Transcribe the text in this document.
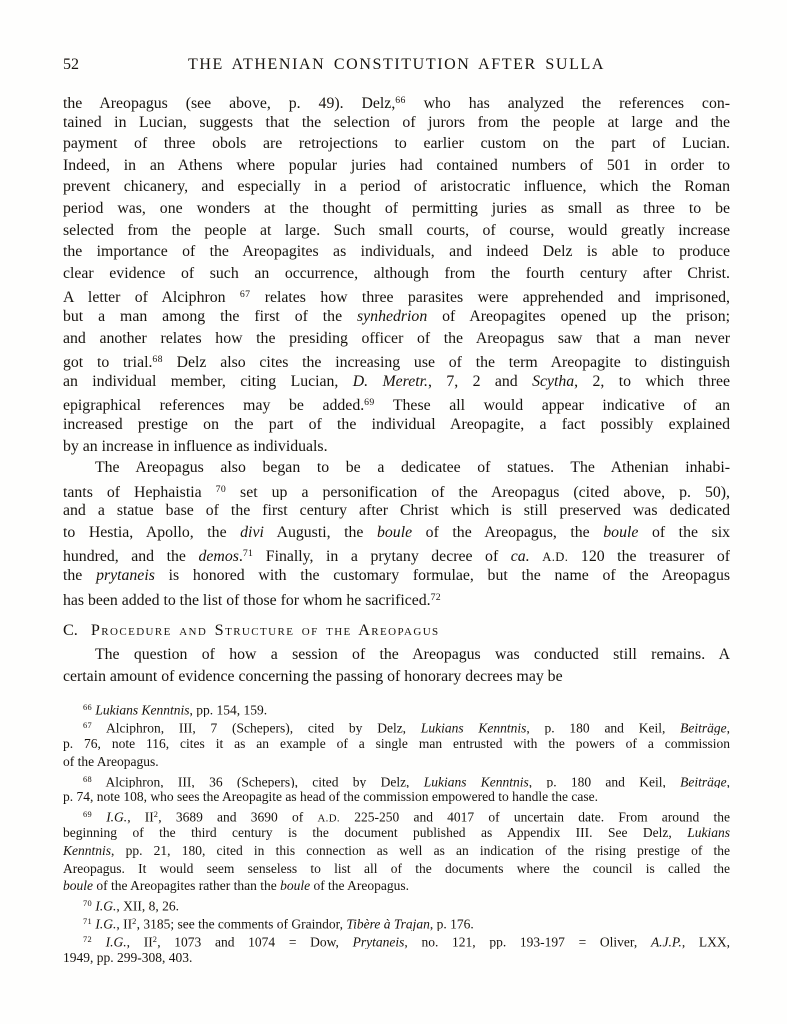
52	THE ATHENIAN CONSTITUTION AFTER SULLA
the Areopagus (see above, p. 49). Delz,$^{66}$ who has analyzed the references con-
tained in Lucian, suggests that the selection of jurors from the people at large and the
payment of three obols are retrojections to earlier custom on the part of Lucian.
Indeed, in an Athens where popular juries had contained numbers of 501 in order to
prevent chicanery, and especially in a period of aristocratic influence, which the Roman
period was, one wonders at the thought of permitting juries as small as three to be
selected from the people at large. Such small courts, of course, would greatly increase
the importance of the Areopagites as individuals, and indeed Delz is able to produce
clear evidence of such an occurrence, although from the fourth century after Christ.
A letter of Alciphron $^{67}$ relates how three parasites were apprehended and imprisoned,
but a man among the first of the synhedrion of Areopagites opened up the prison;
and another relates how the presiding officer of the Areopagus saw that a man never
got to trial.$^{68}$ Delz also cites the increasing use of the term Areopagite to distinguish
an individual member, citing Lucian, D. Meretr., 7, 2 and Scytha, 2, to which three
epigraphical references may be added.$^{69}$ These all would appear indicative of an
increased prestige on the part of the individual Areopagite, a fact possibly explained
by an increase in influence as individuals.
The Areopagus also began to be a dedicatee of statues. The Athenian inhabi-
tants of Hephaistia $^{70}$ set up a personification of the Areopagus (cited above, p. 50),
and a statue base of the first century after Christ which is still preserved was dedicated
to Hestia, Apollo, the divi Augusti, the boule of the Areopagus, the boule of the six
hundred, and the demos.$^{71}$ Finally, in a prytany decree of ca. A.D. 120 the treasurer of
the prytaneis is honored with the customary formulae, but the name of the Areopagus
has been added to the list of those for whom he sacrificed.$^{72}$
C. Procedure and Structure of the Areopagus
The question of how a session of the Areopagus was conducted still remains. A
certain amount of evidence concerning the passing of honorary decrees may be
$^{66}$ Lukians Kenntnis, pp. 154, 159.
$^{67}$ Alciphron, III, 7 (Schepers), cited by Delz, Lukians Kenntnis, p. 180 and Keil, Beiträge,
p. 76, note 116, cites it as an example of a single man entrusted with the powers of a commission
of the Areopagus.
$^{68}$ Alciphron, III, 36 (Schepers), cited by Delz, Lukians Kenntnis, p. 180 and Keil, Beiträge,
p. 74, note 108, who sees the Areopagite as head of the commission empowered to handle the case.
$^{69}$ I.G., $II^2$, 3689 and 3690 of A.D. 225-250 and 4017 of uncertain date. From around the
beginning of the third century is the document published as Appendix III. See Delz, Lukians
Kenntnis, pp. 21, 180, cited in this connection as well as an indication of the rising prestige of the
Areopagus. It would seem senseless to list all of the documents where the council is called the
boule of the Areopagites rather than the boule of the Areopagus.
$^{70}$ I.G., XII, 8, 26.
$^{71}$ I.G., $II^2$, 3185; see the comments of Graindor, Tibère à Trajan, p. 176.
$^{72}$ I.G., $II^2$, 1073 and 1074 = Dow, Prytaneis, no. 121, pp. 193-197 = Oliver, A.J.P., LXX,
1949, pp. 299-308, 403.
